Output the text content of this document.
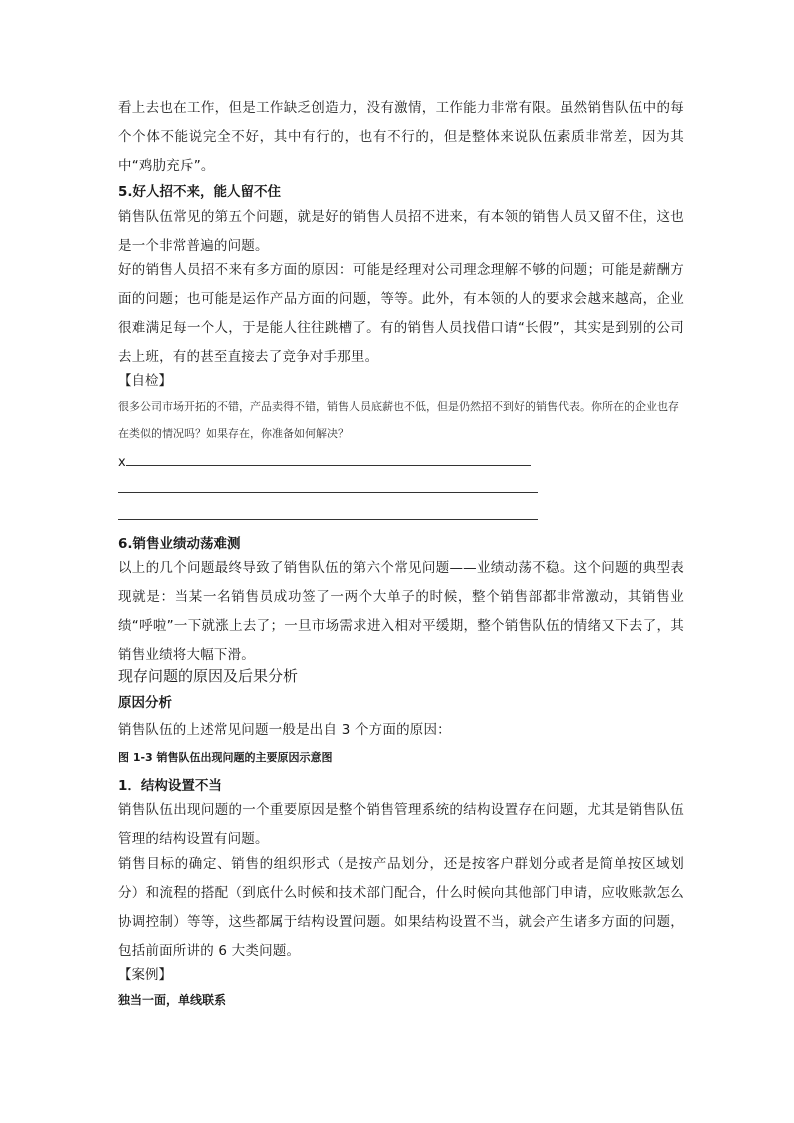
看上去也在工作，但是工作缺乏创造力，没有激情，工作能力非常有限。虽然销售队伍中的每个个体不能说完全不好，其中有行的，也有不行的，但是整体来说队伍素质非常差，因为其中“鸡肋充斥”。
5.好人招不来，能人留不住
销售队伍常见的第五个问题，就是好的销售人员招不进来，有本领的销售人员又留不住，这也是一个非常普遍的问题。
好的销售人员招不来有多方面的原因：可能是经理对公司理念理解不够的问题；可能是薪酬方面的问题；也可能是运作产品方面的问题，等等。此外，有本领的人的要求会越来越高，企业很难满足每一个人，于是能人往往跳槽了。有的销售人员找借口请“长假”，其实是到别的公司去上班，有的甚至直接去了竞争对手那里。
【自检】
很多公司市场开拓的不错，产品卖得不错，销售人员底薪也不低，但是仍然招不到好的销售代表。你所在的企业也存在类似的情况吗？如果存在，你准备如何解决？
x
6.销售业绩动荡难测
以上的几个问题最终导致了销售队伍的第六个常见问题——业绩动荡不稳。这个问题的典型表现就是：当某一名销售员成功签了一两个大单子的时候，整个销售部都非常激动，其销售业绩“呼啦”一下就涨上去了；一旦市场需求进入相对平缓期，整个销售队伍的情绪又下去了，其销售业绩将大幅下滑。
现存问题的原因及后果分析
原因分析
销售队伍的上述常见问题一般是出自 3 个方面的原因：
图 1-3 销售队伍出现问题的主要原因示意图
1．结构设置不当
销售队伍出现问题的一个重要原因是整个销售管理系统的结构设置存在问题，尤其是销售队伍管理的结构设置有问题。
销售目标的确定、销售的组织形式（是按产品划分，还是按客户群划分或者是简单按区域划分）和流程的搭配（到底什么时候和技术部门配合，什么时候向其他部门申请，应收账款怎么协调控制）等等，这些都属于结构设置问题。如果结构设置不当，就会产生诸多方面的问题，包括前面所讲的 6 大类问题。
【案例】
独当一面，单线联系
